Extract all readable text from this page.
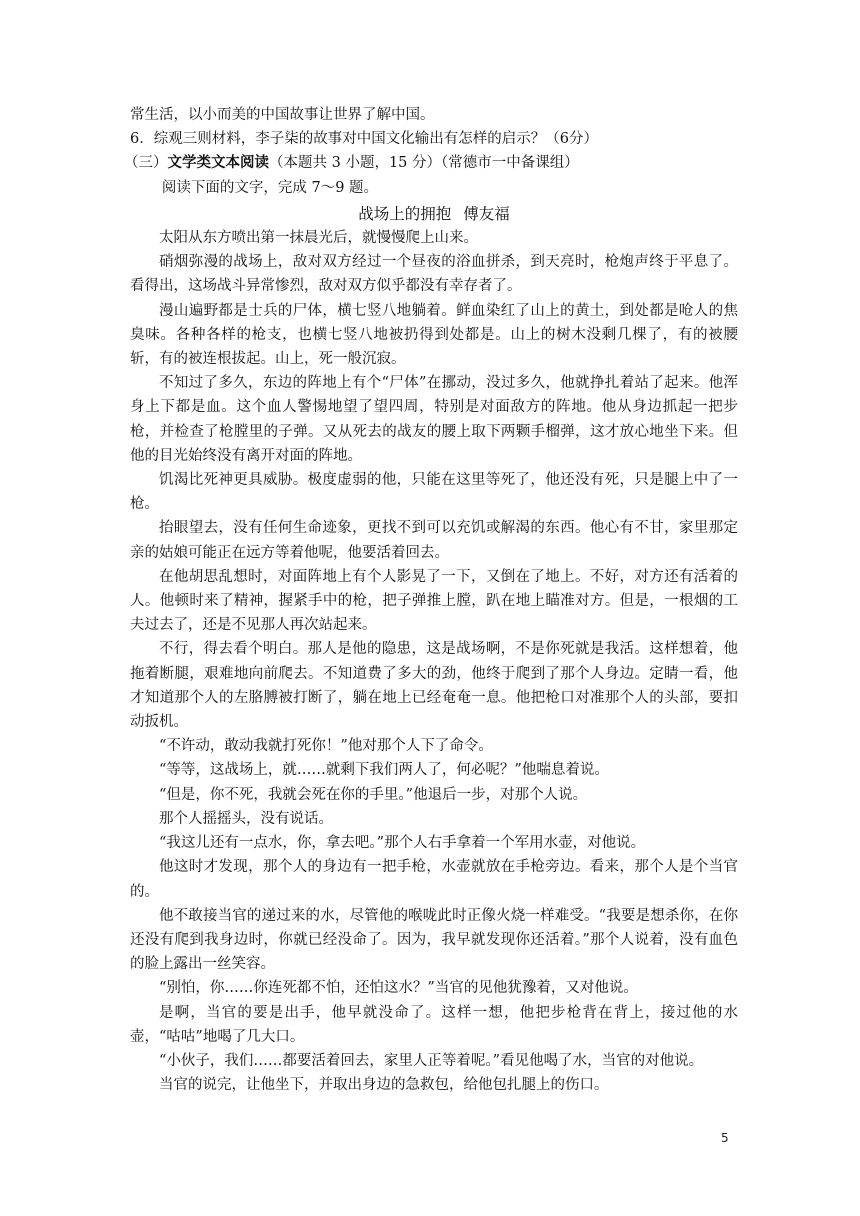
常生活，以小而美的中国故事让世界了解中国。

6．综观三则材料，李子柒的故事对中国文化输出有怎样的启示？（6分）

（三）文学类文本阅读（本题共 3 小题，15 分）（常德市一中备课组）

阅读下面的文字，完成 7～9 题。

战场上的拥抱 傅友福

太阳从东方喷出第一抹晨光后，就慢慢爬上山来。

硝烟弥漫的战场上，敌对双方经过一个昼夜的浴血拼杀，到天亮时，枪炮声终于平息了。看得出，这场战斗异常惨烈，敌对双方似乎都没有幸存者了。

漫山遍野都是士兵的尸体，横七竖八地躺着。鲜血染红了山上的黄土，到处都是呛人的焦臭味。各种各样的枪支，也横七竖八地被扔得到处都是。山上的树木没剩几棵了，有的被腰斩，有的被连根拔起。山上，死一般沉寂。

不知过了多久，东边的阵地上有个“尸体”在挪动，没过多久，他就挣扎着站了起来。他浑身上下都是血。这个血人警惕地望了望四周，特别是对面敌方的阵地。他从身边抓起一把步枪，并检查了枪膛里的子弹。又从死去的战友的腰上取下两颗手榴弹，这才放心地坐下来。但他的目光始终没有离开对面的阵地。

饥渴比死神更具威胁。极度虚弱的他，只能在这里等死了，他还没有死，只是腿上中了一枪。

抬眼望去，没有任何生命迹象，更找不到可以充饥或解渴的东西。他心有不甘，家里那定亲的姑娘可能正在远方等着他呢，他要活着回去。

在他胡思乱想时，对面阵地上有个人影晃了一下，又倒在了地上。不好，对方还有活着的人。他顿时来了精神，握紧手中的枪，把子弹推上膛，趴在地上瞄准对方。但是，一根烟的工夫过去了，还是不见那人再次站起来。

不行，得去看个明白。那人是他的隐患，这是战场啊，不是你死就是我活。这样想着，他拖着断腿，艰难地向前爬去。不知道费了多大的劲，他终于爬到了那个人身边。定睛一看，他才知道那个人的左胳膊被打断了，躺在地上已经奄奄一息。他把枪口对准那个人的头部，要扣动扳机。

“不许动，敢动我就打死你！”他对那个人下了命令。

“等等，这战场上，就……就剩下我们两人了，何必呢？”他喘息着说。

“但是，你不死，我就会死在你的手里。”他退后一步，对那个人说。

那个人摇摇头，没有说话。

“我这儿还有一点水，你，拿去吧。”那个人右手拿着一个军用水壶，对他说。

他这时才发现，那个人的身边有一把手枪，水壶就放在手枪旁边。看来，那个人是个当官的。

他不敢接当官的递过来的水，尽管他的喉咙此时正像火烧一样难受。“我要是想杀你，在你还没有爬到我身边时，你就已经没命了。因为，我早就发现你还活着。”那个人说着，没有血色的脸上露出一丝笑容。

“别怕，你……你连死都不怕，还怕这水？”当官的见他犹豫着，又对他说。

是啊，当官的要是出手，他早就没命了。这样一想，他把步枪背在背上，接过他的水壶，“咕咕”地喝了几大口。

“小伙子，我们……都要活着回去，家里人正等着呢。”看见他喝了水，当官的对他说。

当官的说完，让他坐下，并取出身边的急救包，给他包扎腿上的伤口。

5
